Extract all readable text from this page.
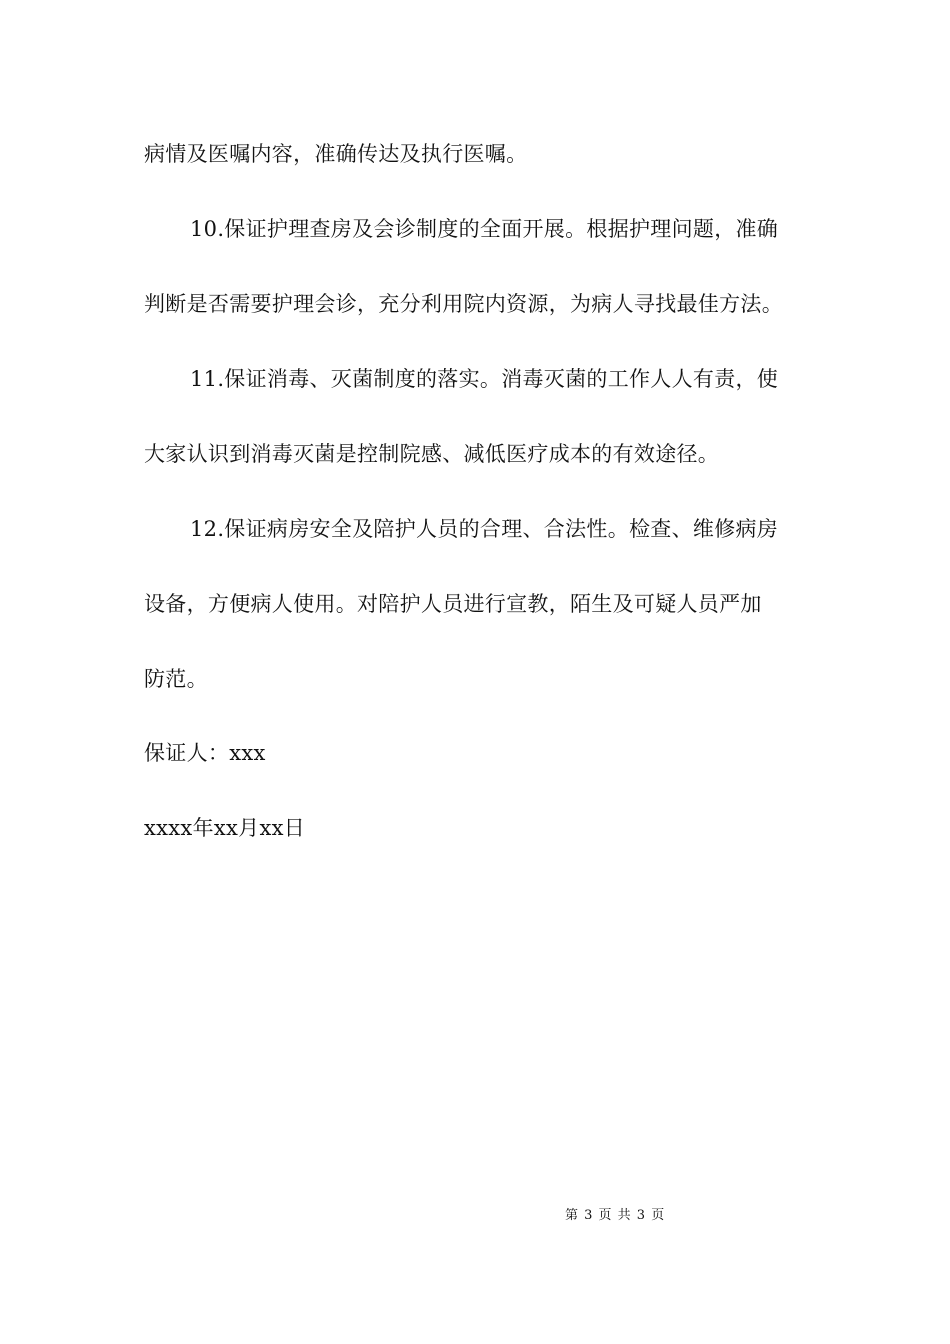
病情及医嘱内容，准确传达及执行医嘱。
10.保证护理查房及会诊制度的全面开展。根据护理问题，准确
判断是否需要护理会诊，充分利用院内资源，为病人寻找最佳方法。
11.保证消毒、灭菌制度的落实。消毒灭菌的工作人人有责，使
大家认识到消毒灭菌是控制院感、减低医疗成本的有效途径。
12.保证病房安全及陪护人员的合理、合法性。检查、维修病房
设备，方便病人使用。对陪护人员进行宣教，陌生及可疑人员严加
防范。
保证人：xxx
xxxx年xx月xx日
第 3 页 共 3 页
